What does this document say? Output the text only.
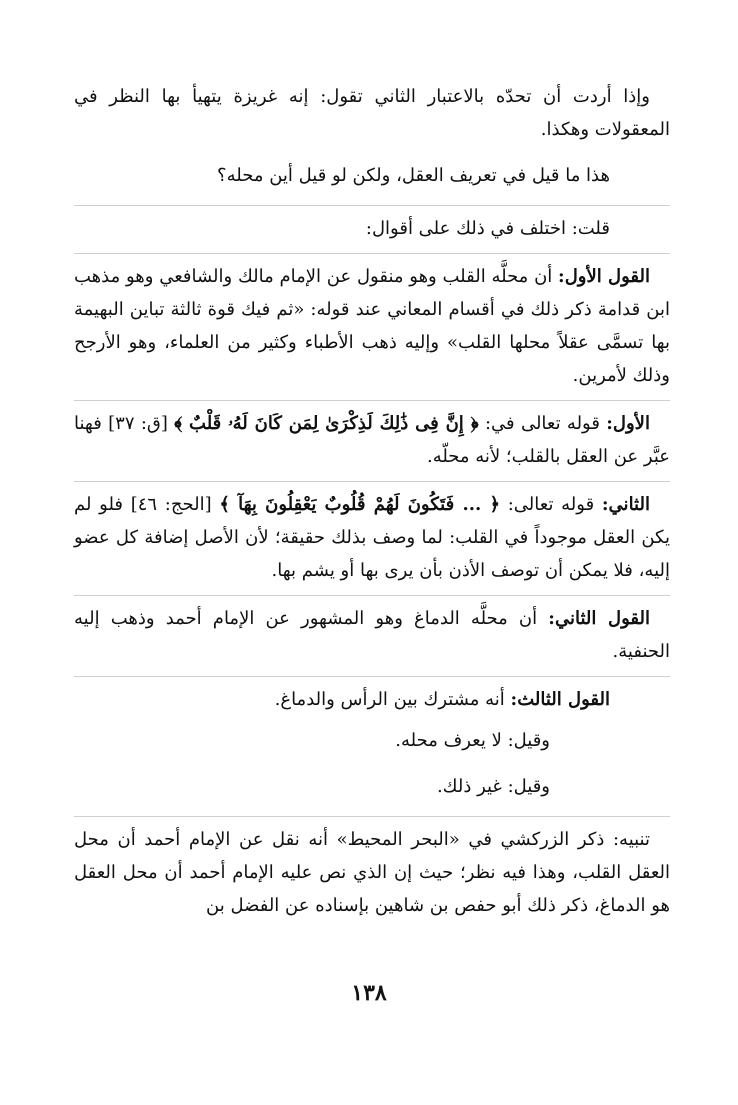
وإذا أردت أن تحدّه بالاعتبار الثاني تقول: إنه غريزة يتهيأ بها النظر في المعقولات وهكذا.

هذا ما قيل في تعريف العقل، ولكن لو قيل أين محله؟

قلت: اختلف في ذلك على أقوال:

القول الأول: أن محلَّه القلب وهو منقول عن الإمام مالك والشافعي وهو مذهب ابن قدامة ذكر ذلك في أقسام المعاني عند قوله: «ثم فيك قوة ثالثة تباين البهيمة بها تسمَّى عقلاً محلها القلب» وإليه ذهب الأطباء وكثير من العلماء، وهو الأرجح وذلك لأمرين.

الأول: قوله تعالى في: ﴿ إِنَّ فِى ذَٰلِكَ لَذِكْرَىٰ لِمَن كَانَ لَهُۥ قَلْبٌ ﴾ [ق: ٣٧] فهنا عبَّر عن العقل بالقلب؛ لأنه محلّه.

الثاني: قوله تعالى: ﴿ ... فَتَكُونَ لَهُمْ قُلُوبٌ يَعْقِلُونَ بِهَآ ﴾ [الحج: ٤٦] فلو لم يكن العقل موجوداً في القلب: لما وصف بذلك حقيقة؛ لأن الأصل إضافة كل عضو إليه، فلا يمكن أن توصف الأذن بأن يرى بها أو يشم بها.

القول الثاني: أن محلَّه الدماغ وهو المشهور عن الإمام أحمد وذهب إليه الحنفية.

القول الثالث: أنه مشترك بين الرأس والدماغ.

وقيل: لا يعرف محله.

وقيل: غير ذلك.

تنبيه: ذكر الزركشي في «البحر المحيط» أنه نقل عن الإمام أحمد أن محل العقل القلب، وهذا فيه نظر؛ حيث إن الذي نص عليه الإمام أحمد أن محل العقل هو الدماغ، ذكر ذلك أبو حفص بن شاهين بإسناده عن الفضل بن

١٣٨
